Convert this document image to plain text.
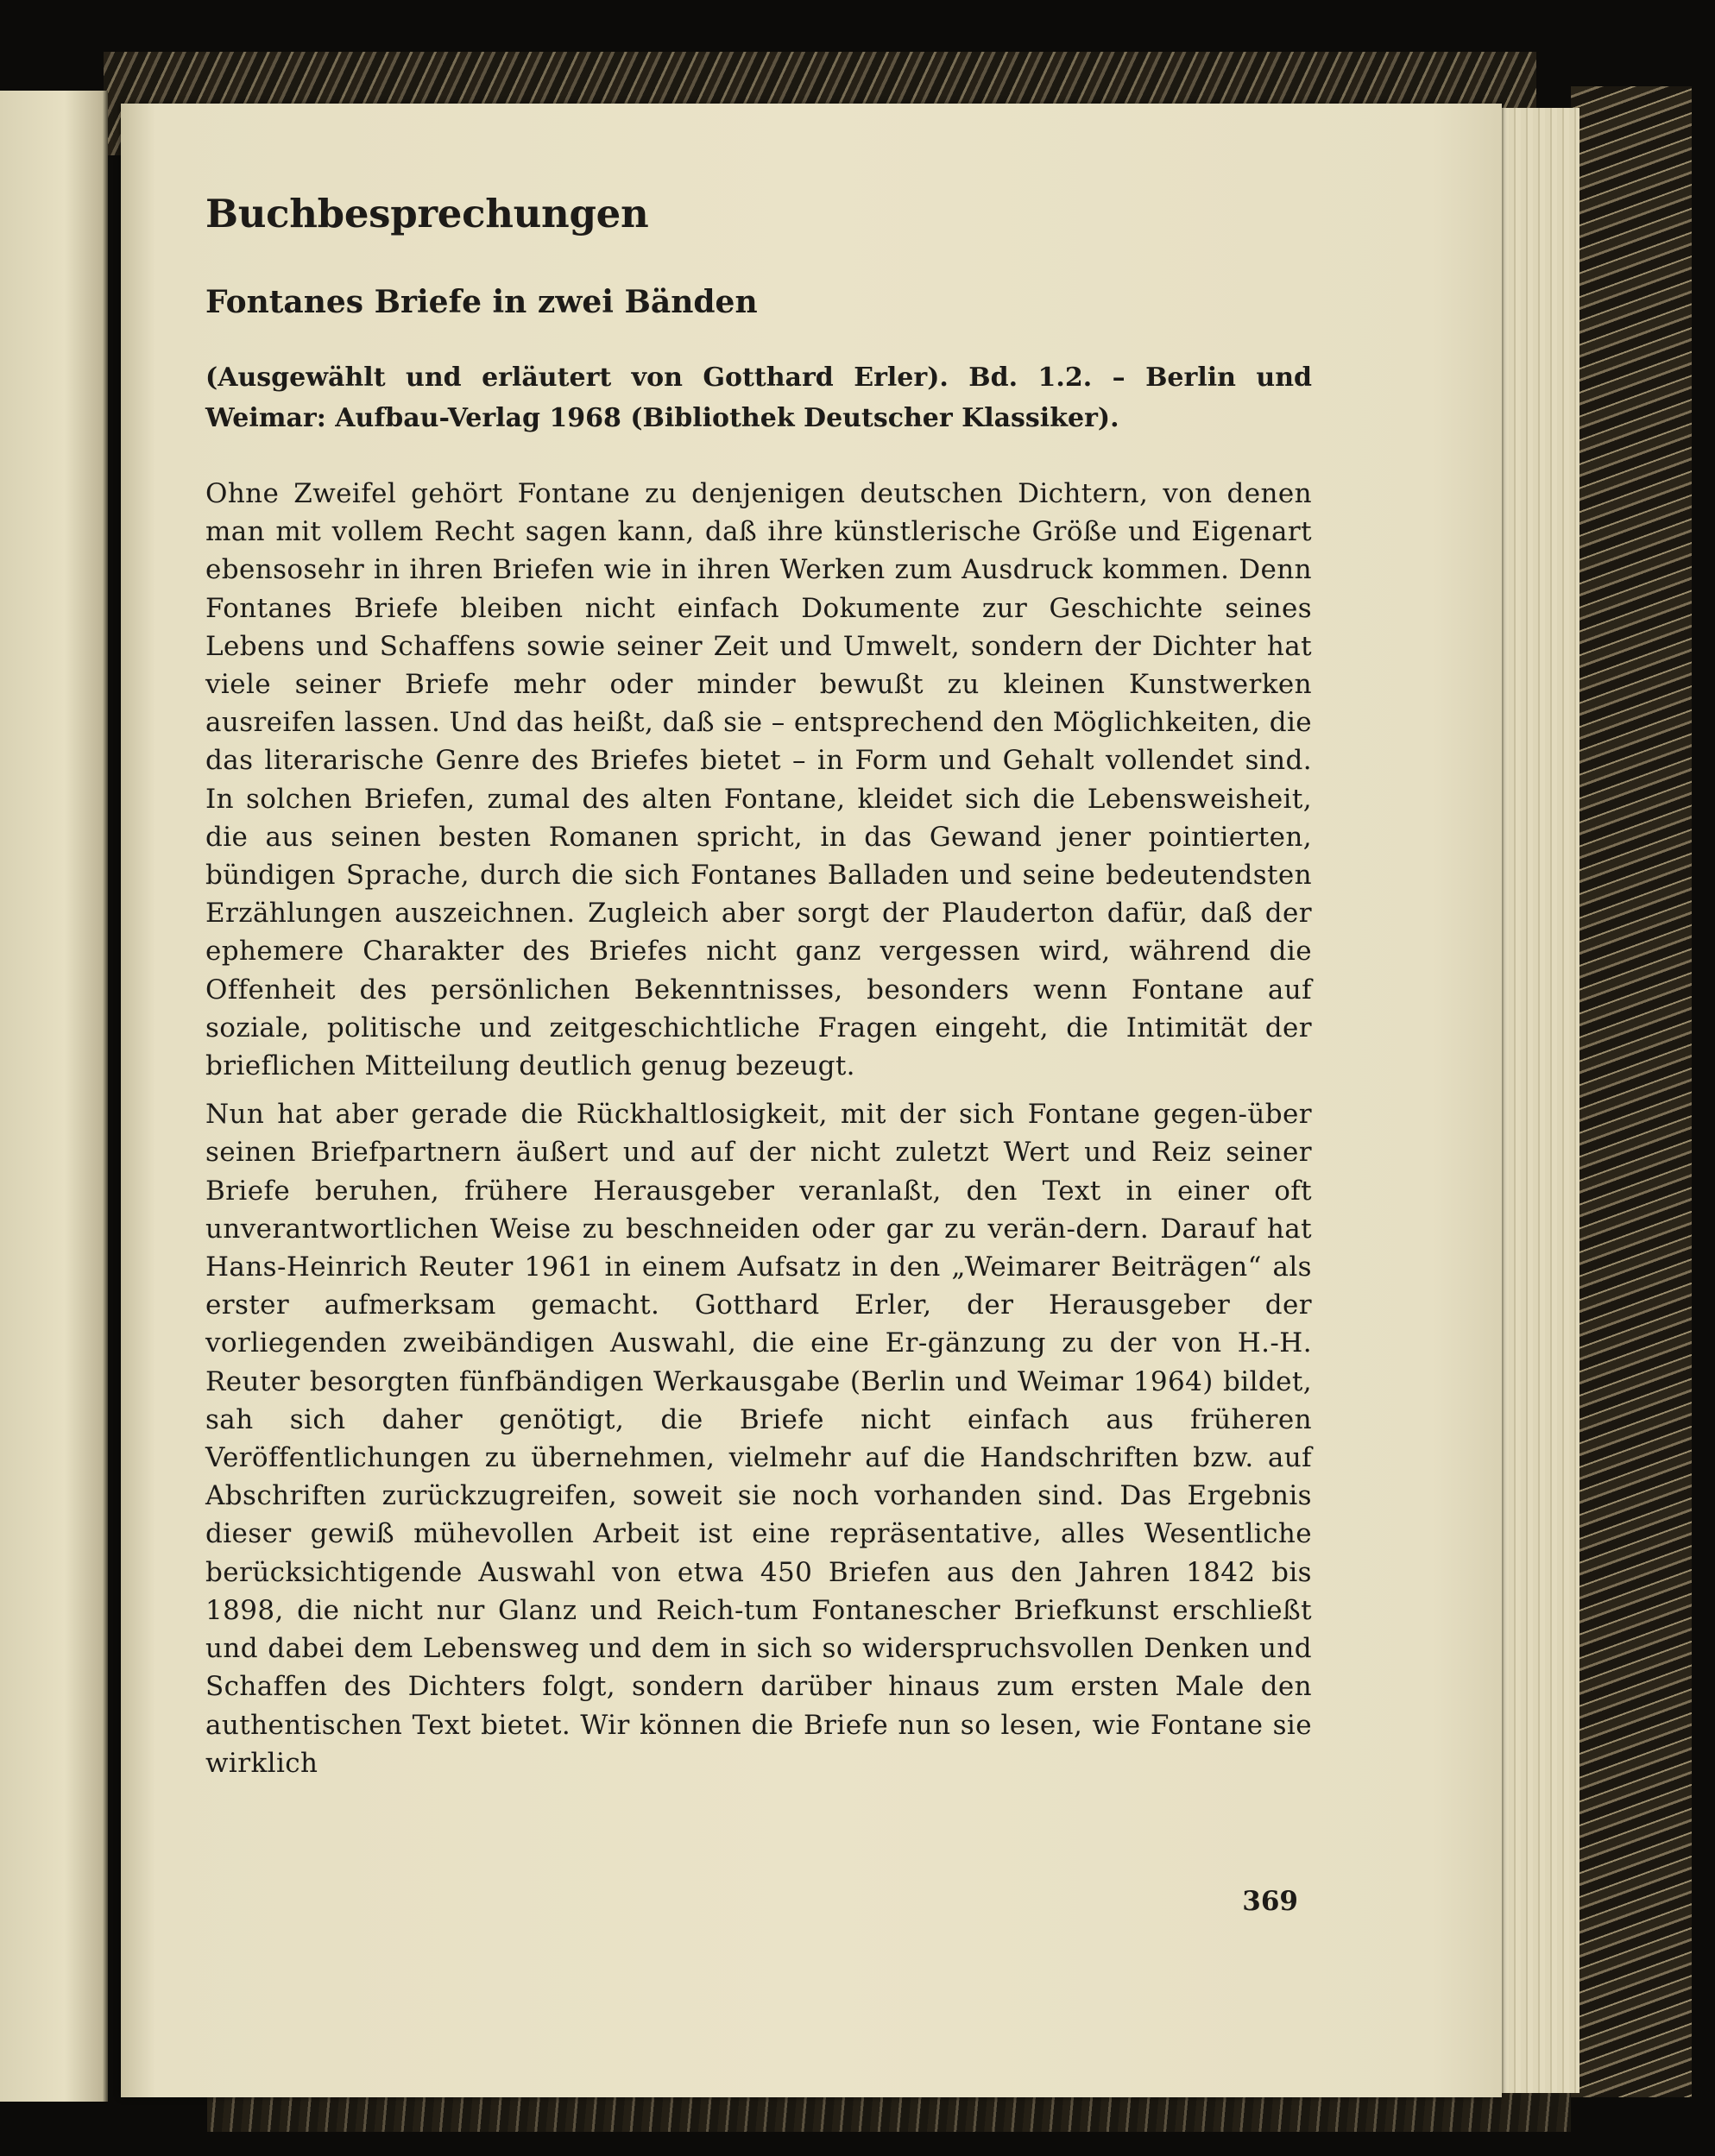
Buchbesprechungen
Fontanes Briefe in zwei Bänden

(Ausgewählt und erläutert von Gotthard Erler). Bd. 1.2. – Berlin und Weimar: Aufbau-Verlag 1968 (Bibliothek Deutscher Klassiker).

Ohne Zweifel gehört Fontane zu denjenigen deutschen Dichtern, von denen man mit vollem Recht sagen kann, daß ihre künstlerische Größe und Eigenart ebensosehr in ihren Briefen wie in ihren Werken zum Ausdruck kommen. Denn Fontanes Briefe bleiben nicht einfach Dokumente zur Geschichte seines Lebens und Schaffens sowie seiner Zeit und Umwelt, sondern der Dichter hat viele seiner Briefe mehr oder minder bewußt zu kleinen Kunstwerken ausreifen lassen. Und das heißt, daß sie – entsprechend den Möglichkeiten, die das literarische Genre des Briefes bietet – in Form und Gehalt vollendet sind. In solchen Briefen, zumal des alten Fontane, kleidet sich die Lebensweisheit, die aus seinen besten Romanen spricht, in das Gewand jener pointierten, bündigen Sprache, durch die sich Fontanes Balladen und seine bedeutendsten Erzählungen auszeichnen. Zugleich aber sorgt der Plauderton dafür, daß der ephemere Charakter des Briefes nicht ganz vergessen wird, während die Offenheit des persönlichen Bekenntnisses, besonders wenn Fontane auf soziale, politische und zeitgeschichtliche Fragen eingeht, die Intimität der brieflichen Mitteilung deutlich genug bezeugt.

Nun hat aber gerade die Rückhaltlosigkeit, mit der sich Fontane gegen-über seinen Briefpartnern äußert und auf der nicht zuletzt Wert und Reiz seiner Briefe beruhen, frühere Herausgeber veranlaßt, den Text in einer oft unverantwortlichen Weise zu beschneiden oder gar zu verän-dern. Darauf hat Hans-Heinrich Reuter 1961 in einem Aufsatz in den „Weimarer Beiträgen“ als erster aufmerksam gemacht. Gotthard Erler, der Herausgeber der vorliegenden zweibändigen Auswahl, die eine Er-gänzung zu der von H.-H. Reuter besorgten fünfbändigen Werkausgabe (Berlin und Weimar 1964) bildet, sah sich daher genötigt, die Briefe nicht einfach aus früheren Veröffentlichungen zu übernehmen, vielmehr auf die Handschriften bzw. auf Abschriften zurückzugreifen, soweit sie noch vorhanden sind. Das Ergebnis dieser gewiß mühevollen Arbeit ist eine repräsentative, alles Wesentliche berücksichtigende Auswahl von etwa 450 Briefen aus den Jahren 1842 bis 1898, die nicht nur Glanz und Reich-tum Fontanescher Briefkunst erschließt und dabei dem Lebensweg und dem in sich so widerspruchsvollen Denken und Schaffen des Dichters folgt, sondern darüber hinaus zum ersten Male den authentischen Text bietet. Wir können die Briefe nun so lesen, wie Fontane sie wirklich

369
